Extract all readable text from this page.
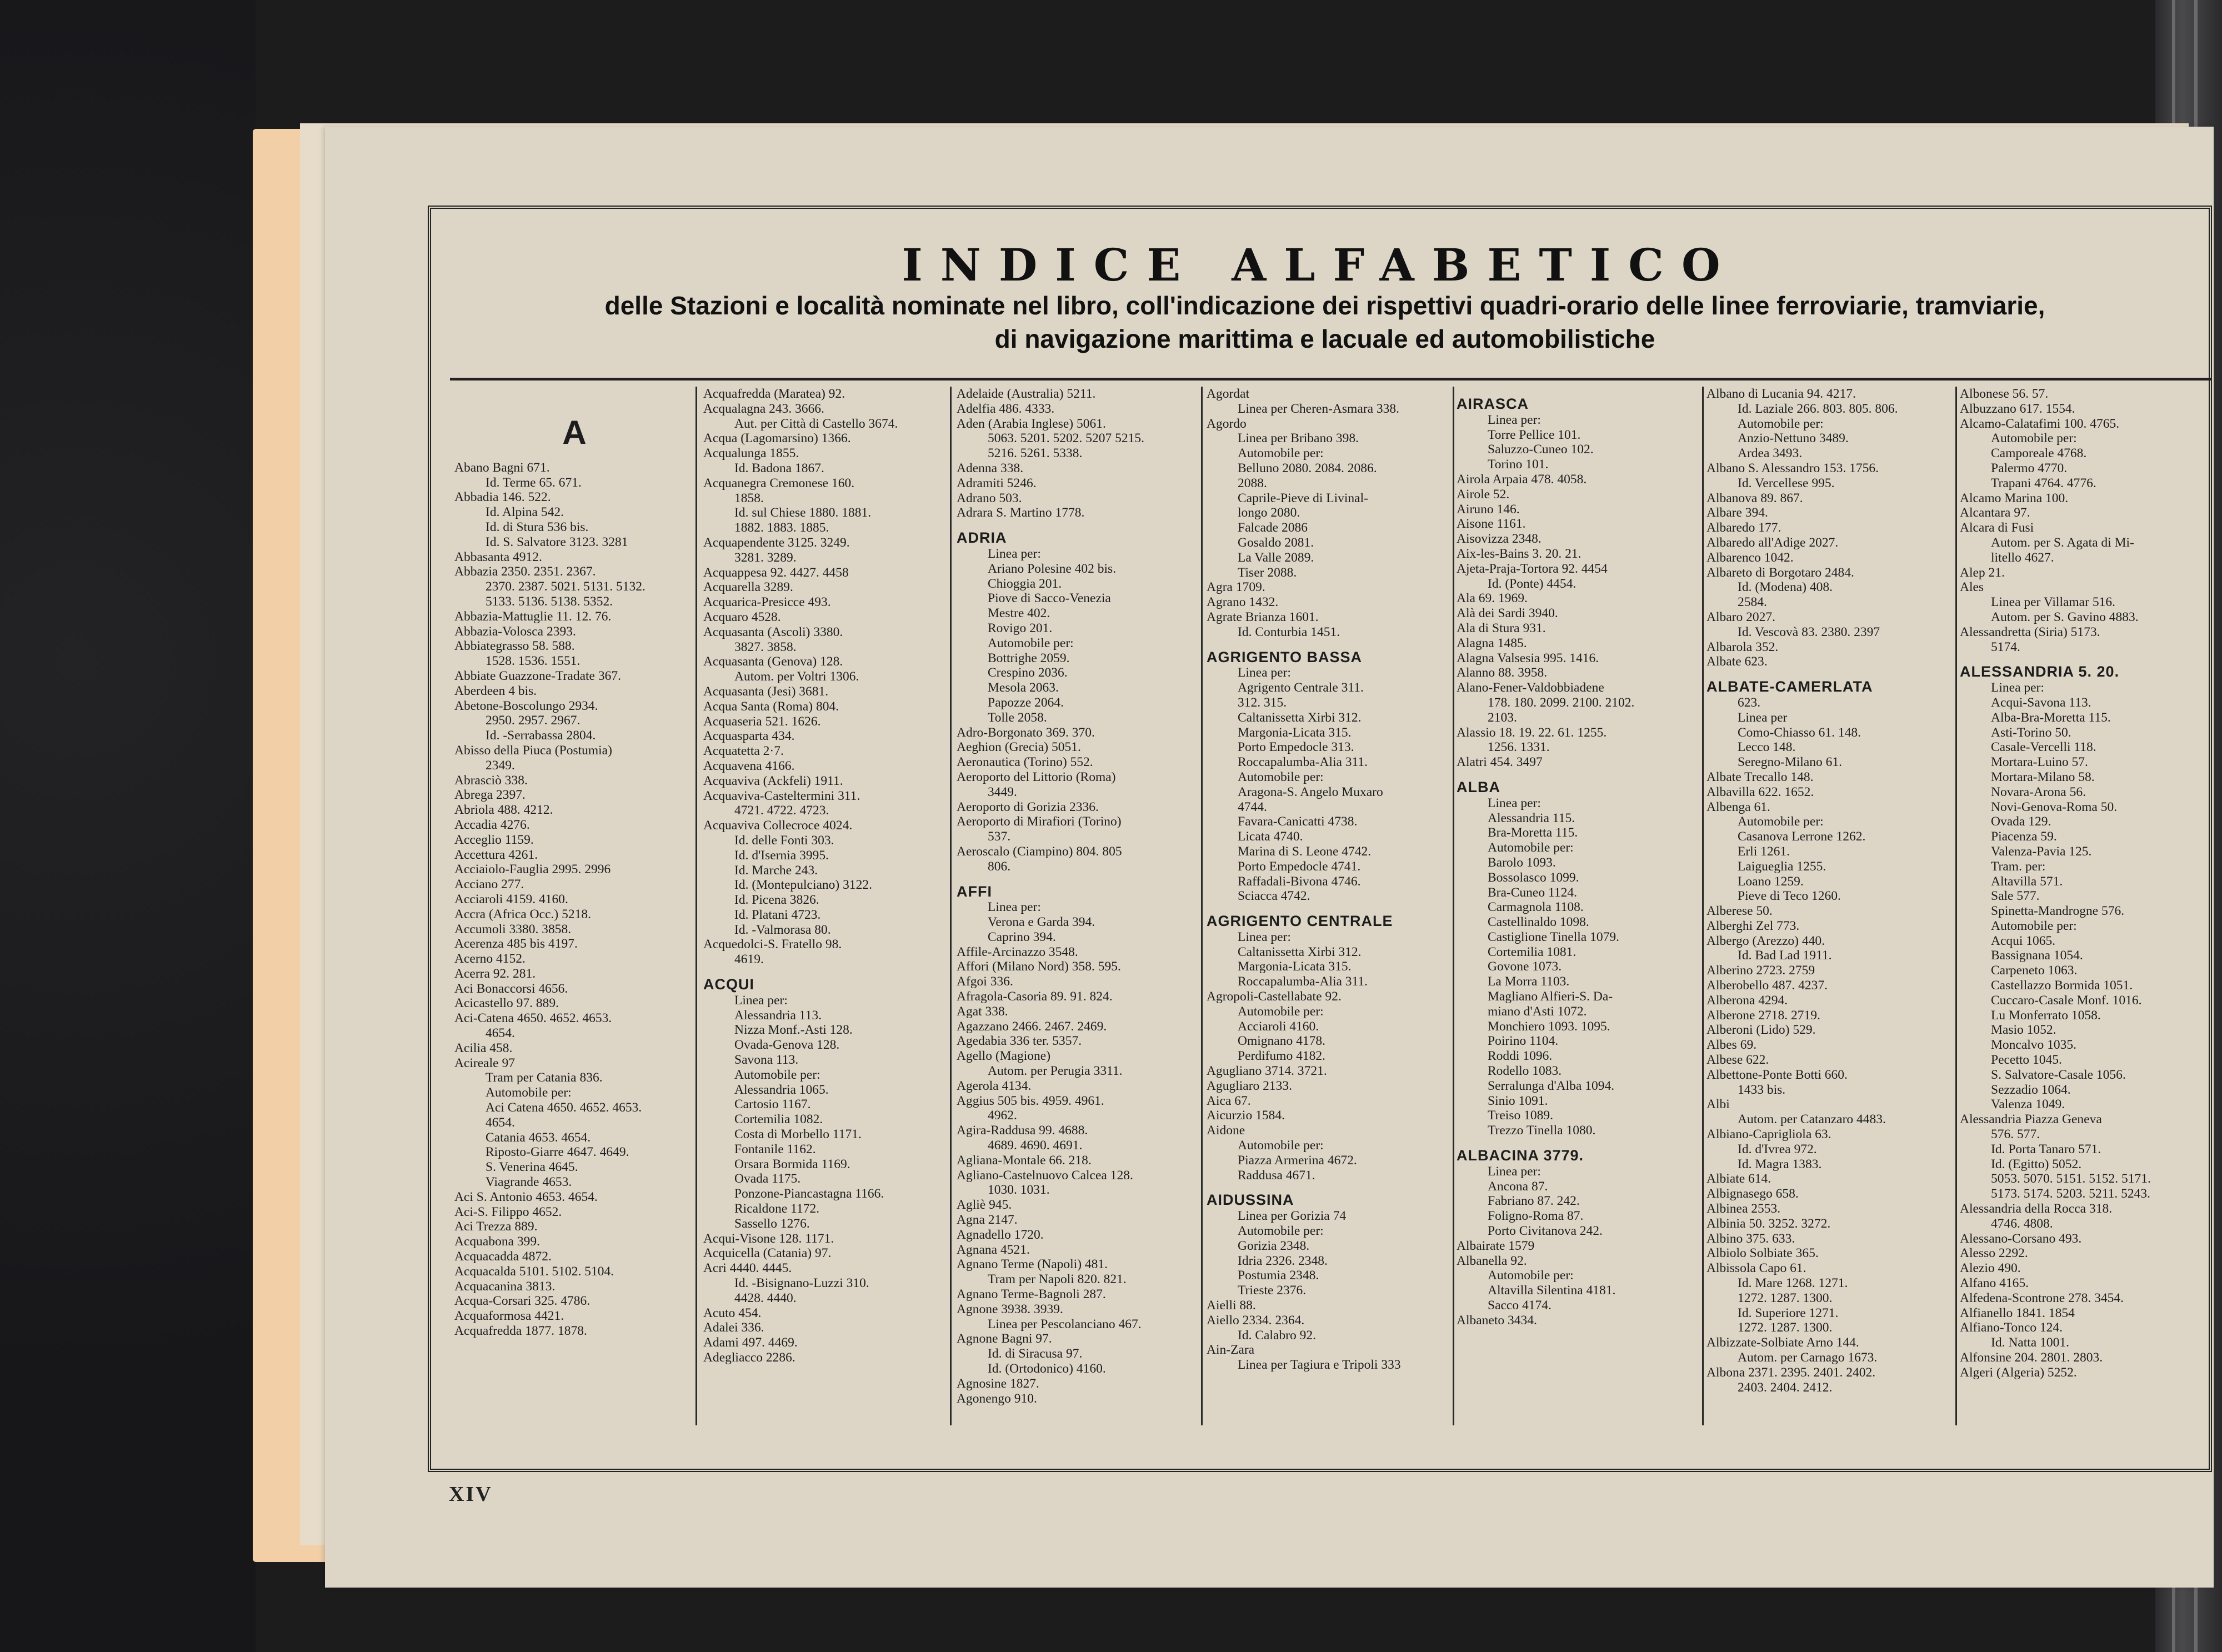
INDICE ALFABETICO
delle Stazioni e località nominate nel libro, coll'indicazione dei rispettivi quadri-orario delle linee ferroviarie, tramviarie,
di navigazione marittima e lacuale ed automobilistiche
A
Abano Bagni 671.
Id. Terme 65. 671.
Abbadia 146. 522.
Id. Alpina 542.
Id. di Stura 536 bis.
Id. S. Salvatore 3123. 3281
Abbasanta 4912.
Abbazia 2350. 2351. 2367.
2370. 2387. 5021. 5131. 5132.
5133. 5136. 5138. 5352.
Abbazia-Mattuglie 11. 12. 76.
Abbazia-Volosca 2393.
Abbiategrasso 58. 588.
1528. 1536. 1551.
Abbiate Guazzone-Tradate 367.
Aberdeen 4 bis.
Abetone-Boscolungo 2934.
2950. 2957. 2967.
Id. -Serrabassa 2804.
Abisso della Piuca (Postumia)
2349.
Abrasciò 338.
Abrega 2397.
Abriola 488. 4212.
Accadia 4276.
Acceglio 1159.
Accettura 4261.
Acciaiolo-Fauglia 2995. 2996
Acciano 277.
Acciaroli 4159. 4160.
Accra (Africa Occ.) 5218.
Accumoli 3380. 3858.
Acerenza 485 bis 4197.
Acerno 4152.
Acerra 92. 281.
Aci Bonaccorsi 4656.
Acicastello 97. 889.
Aci-Catena 4650. 4652. 4653.
4654.
Acilia 458.
Acireale 97
Tram per Catania 836.
Automobile per:
Aci Catena 4650. 4652. 4653.
4654.
Catania 4653. 4654.
Riposto-Giarre 4647. 4649.
S. Venerina 4645.
Viagrande 4653.
Aci S. Antonio 4653. 4654.
Aci-S. Filippo 4652.
Aci Trezza 889.
Acquabona 399.
Acquacadda 4872.
Acquacalda 5101. 5102. 5104.
Acquacanina 3813.
Acqua-Corsari 325. 4786.
Acquaformosa 4421.
Acquafredda 1877. 1878.
Acquafredda (Maratea) 92.
Acqualagna 243. 3666.
Aut. per Città di Castello 3674.
Acqua (Lagomarsino) 1366.
Acqualunga 1855.
Id. Badona 1867.
Acquanegra Cremonese 160.
1858.
Id. sul Chiese 1880. 1881.
1882. 1883. 1885.
Acquapendente 3125. 3249.
3281. 3289.
Acquappesa 92. 4427. 4458
Acquarella 3289.
Acquarica-Presicce 493.
Acquaro 4528.
Acquasanta (Ascoli) 3380.
3827. 3858.
Acquasanta (Genova) 128.
Autom. per Voltri 1306.
Acquasanta (Jesi) 3681.
Acqua Santa (Roma) 804.
Acquaseria 521. 1626.
Acquasparta 434.
Acquatetta 2·7.
Acquavena 4166.
Acquaviva (Ackfeli) 1911.
Acquaviva-Casteltermini 311.
4721. 4722. 4723.
Acquaviva Collecroce 4024.
Id. delle Fonti 303.
Id. d'Isernia 3995.
Id. Marche 243.
Id. (Montepulciano) 3122.
Id. Picena 3826.
Id. Platani 4723.
Id. -Valmorasa 80.
Acquedolci-S. Fratello 98.
4619.
ACQUI
Linea per:
Alessandria 113.
Nizza Monf.-Asti 128.
Ovada-Genova 128.
Savona 113.
Automobile per:
Alessandria 1065.
Cartosio 1167.
Cortemilia 1082.
Costa di Morbello 1171.
Fontanile 1162.
Orsara Bormida 1169.
Ovada 1175.
Ponzone-Piancastagna 1166.
Ricaldone 1172.
Sassello 1276.
Acqui-Visone 128. 1171.
Acquicella (Catania) 97.
Acri 4440. 4445.
Id. -Bisignano-Luzzi 310.
4428. 4440.
Acuto 454.
Adalei 336.
Adami 497. 4469.
Adegliacco 2286.
Adelaide (Australia) 5211.
Adelfia 486. 4333.
Aden (Arabia Inglese) 5061.
5063. 5201. 5202. 5207 5215.
5216. 5261. 5338.
Adenna 338.
Adramiti 5246.
Adrano 503.
Adrara S. Martino 1778.
ADRIA
Linea per:
Ariano Polesine 402 bis.
Chioggia 201.
Piove di Sacco-Venezia
Mestre 402.
Rovigo 201.
Automobile per:
Bottrighe 2059.
Crespino 2036.
Mesola 2063.
Papozze 2064.
Tolle 2058.
Adro-Borgonato 369. 370.
Aeghion (Grecia) 5051.
Aeronautica (Torino) 552.
Aeroporto del Littorio (Roma)
3449.
Aeroporto di Gorizia 2336.
Aeroporto di Mirafiori (Torino)
537.
Aeroscalo (Ciampino) 804. 805
806.
AFFI
Linea per:
Verona e Garda 394.
Caprino 394.
Affile-Arcinazzo 3548.
Affori (Milano Nord) 358. 595.
Afgoi 336.
Afragola-Casoria 89. 91. 824.
Agat 338.
Agazzano 2466. 2467. 2469.
Agedabia 336 ter. 5357.
Agello (Magione)
Autom. per Perugia 3311.
Agerola 4134.
Aggius 505 bis. 4959. 4961.
4962.
Agira-Raddusa 99. 4688.
4689. 4690. 4691.
Agliana-Montale 66. 218.
Agliano-Castelnuovo Calcea 128.
1030. 1031.
Agliè 945.
Agna 2147.
Agnadello 1720.
Agnana 4521.
Agnano Terme (Napoli) 481.
Tram per Napoli 820. 821.
Agnano Terme-Bagnoli 287.
Agnone 3938. 3939.
Linea per Pescolanciano 467.
Agnone Bagni 97.
Id. di Siracusa 97.
Id. (Ortodonico) 4160.
Agnosine 1827.
Agonengo 910.
Agordat
Linea per Cheren-Asmara 338.
Agordo
Linea per Bribano 398.
Automobile per:
Belluno 2080. 2084. 2086.
2088.
Caprile-Pieve di Livinal-
longo 2080.
Falcade 2086
Gosaldo 2081.
La Valle 2089.
Tiser 2088.
Agra 1709.
Agrano 1432.
Agrate Brianza 1601.
Id. Conturbia 1451.
AGRIGENTO BASSA
Linea per:
Agrigento Centrale 311.
312. 315.
Caltanissetta Xirbi 312.
Margonia-Licata 315.
Porto Empedocle 313.
Roccapalumba-Alia 311.
Automobile per:
Aragona-S. Angelo Muxaro
4744.
Favara-Canicatti 4738.
Licata 4740.
Marina di S. Leone 4742.
Porto Empedocle 4741.
Raffadali-Bivona 4746.
Sciacca 4742.
AGRIGENTO CENTRALE
Linea per:
Caltanissetta Xirbi 312.
Margonia-Licata 315.
Roccapalumba-Alia 311.
Agropoli-Castellabate 92.
Automobile per:
Acciaroli 4160.
Omignano 4178.
Perdifumo 4182.
Agugliano 3714. 3721.
Agugliaro 2133.
Aica 67.
Aicurzio 1584.
Aidone
Automobile per:
Piazza Armerina 4672.
Raddusa 4671.
AIDUSSINA
Linea per Gorizia 74
Automobile per:
Gorizia 2348.
Idria 2326. 2348.
Postumia 2348.
Trieste 2376.
Aielli 88.
Aiello 2334. 2364.
Id. Calabro 92.
Ain-Zara
Linea per Tagiura e Tripoli 333
AIRASCA
Linea per:
Torre Pellice 101.
Saluzzo-Cuneo 102.
Torino 101.
Airola Arpaia 478. 4058.
Airole 52.
Airuno 146.
Aisone 1161.
Aisovizza 2348.
Aix-les-Bains 3. 20. 21.
Ajeta-Praja-Tortora 92. 4454
Id. (Ponte) 4454.
Ala 69. 1969.
Alà dei Sardi 3940.
Ala di Stura 931.
Alagna 1485.
Alagna Valsesia 995. 1416.
Alanno 88. 3958.
Alano-Fener-Valdobbiadene
178. 180. 2099. 2100. 2102.
2103.
Alassio 18. 19. 22. 61. 1255.
1256. 1331.
Alatri 454. 3497
ALBA
Linea per:
Alessandria 115.
Bra-Moretta 115.
Automobile per:
Barolo 1093.
Bossolasco 1099.
Bra-Cuneo 1124.
Carmagnola 1108.
Castellinaldo 1098.
Castiglione Tinella 1079.
Cortemilia 1081.
Govone 1073.
La Morra 1103.
Magliano Alfieri-S. Da-
miano d'Asti 1072.
Monchiero 1093. 1095.
Poirino 1104.
Roddi 1096.
Rodello 1083.
Serralunga d'Alba 1094.
Sinio 1091.
Treiso 1089.
Trezzo Tinella 1080.
ALBACINA 3779.
Linea per:
Ancona 87.
Fabriano 87. 242.
Foligno-Roma 87.
Porto Civitanova 242.
Albairate 1579
Albanella 92.
Automobile per:
Altavilla Silentina 4181.
Sacco 4174.
Albaneto 3434.
Albano di Lucania 94. 4217.
Id. Laziale 266. 803. 805. 806.
Automobile per:
Anzio-Nettuno 3489.
Ardea 3493.
Albano S. Alessandro 153. 1756.
Id. Vercellese 995.
Albanova 89. 867.
Albare 394.
Albaredo 177.
Albaredo all'Adige 2027.
Albarenco 1042.
Albareto di Borgotaro 2484.
Id. (Modena) 408.
2584.
Albaro 2027.
Id. Vescovà 83. 2380. 2397
Albarola 352.
Albate 623.
ALBATE-CAMERLATA
623.
Linea per
Como-Chiasso 61. 148.
Lecco 148.
Seregno-Milano 61.
Albate Trecallo 148.
Albavilla 622. 1652.
Albenga 61.
Automobile per:
Casanova Lerrone 1262.
Erli 1261.
Laigueglia 1255.
Loano 1259.
Pieve di Teco 1260.
Alberese 50.
Alberghi Zel 773.
Albergo (Arezzo) 440.
Id. Bad Lad 1911.
Alberino 2723. 2759
Alberobello 487. 4237.
Alberona 4294.
Alberone 2718. 2719.
Alberoni (Lido) 529.
Albes 69.
Albese 622.
Albettone-Ponte Botti 660.
1433 bis.
Albi
Autom. per Catanzaro 4483.
Albiano-Caprigliola 63.
Id. d'Ivrea 972.
Id. Magra 1383.
Albiate 614.
Albignasego 658.
Albinea 2553.
Albinia 50. 3252. 3272.
Albino 375. 633.
Albiolo Solbiate 365.
Albissola Capo 61.
Id. Mare 1268. 1271.
1272. 1287. 1300.
Id. Superiore 1271.
1272. 1287. 1300.
Albizzate-Solbiate Arno 144.
Autom. per Carnago 1673.
Albona 2371. 2395. 2401. 2402.
2403. 2404. 2412.
Albonese 56. 57.
Albuzzano 617. 1554.
Alcamo-Calatafimi 100. 4765.
Automobile per:
Camporeale 4768.
Palermo 4770.
Trapani 4764. 4776.
Alcamo Marina 100.
Alcantara 97.
Alcara di Fusi
Autom. per S. Agata di Mi-
litello 4627.
Alep 21.
Ales
Linea per Villamar 516.
Autom. per S. Gavino 4883.
Alessandretta (Siria) 5173.
5174.
ALESSANDRIA 5. 20.
Linea per:
Acqui-Savona 113.
Alba-Bra-Moretta 115.
Asti-Torino 50.
Casale-Vercelli 118.
Mortara-Luino 57.
Mortara-Milano 58.
Novara-Arona 56.
Novi-Genova-Roma 50.
Ovada 129.
Piacenza 59.
Valenza-Pavia 125.
Tram. per:
Altavilla 571.
Sale 577.
Spinetta-Mandrogne 576.
Automobile per:
Acqui 1065.
Bassignana 1054.
Carpeneto 1063.
Castellazzo Bormida 1051.
Cuccaro-Casale Monf. 1016.
Lu Monferrato 1058.
Masio 1052.
Moncalvo 1035.
Pecetto 1045.
S. Salvatore-Casale 1056.
Sezzadio 1064.
Valenza 1049.
Alessandria Piazza Geneva
576. 577.
Id. Porta Tanaro 571.
Id. (Egitto) 5052.
5053. 5070. 5151. 5152. 5171.
5173. 5174. 5203. 5211. 5243.
Alessandria della Rocca 318.
4746. 4808.
Alessano-Corsano 493.
Alesso 2292.
Alezio 490.
Alfano 4165.
Alfedena-Scontrone 278. 3454.
Alfianello 1841. 1854
Alfiano-Tonco 124.
Id. Natta 1001.
Alfonsine 204. 2801. 2803.
Algeri (Algeria) 5252.
XIV
